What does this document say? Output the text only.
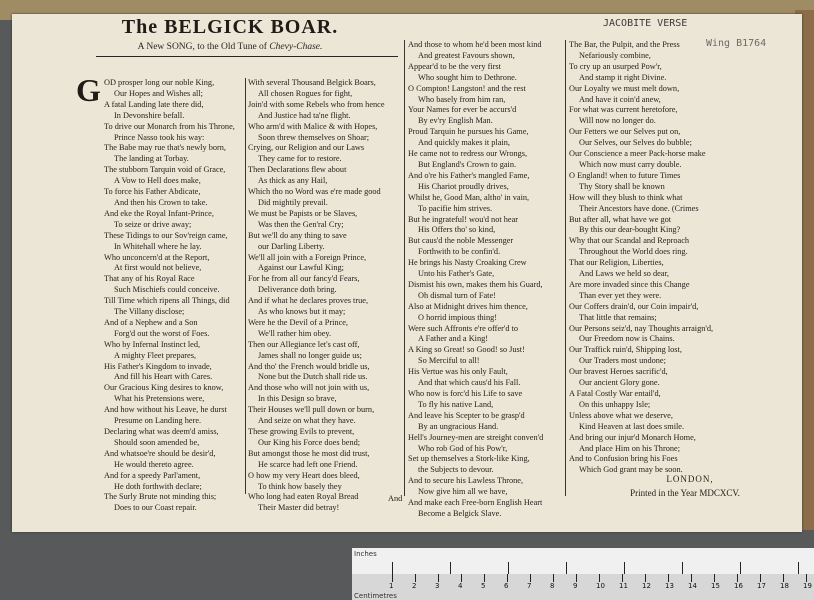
JACOBITE VERSE
Wing B1764
The BELGICK BOAR.
A New SONG, to the Old Tune of Chevy-Chase.
G OD prosper long our noble King,
Our Hopes and Wishes all;
A fatal Landing late there did,
In Devonshire befall.
To drive our Monarch from his Throne,
Prince Nasso took his way:
The Babe may rue that's newly born,
The landing at Torbay.
The stubborn Tarquin void of Grace,
A Vow to Hell does make,
To force his Father Abdicate,
And then his Crown to take.
And eke the Royal Infant-Prince,
To seize or drive away;
These Tidings to our Sov'reign came,
In Whitehall where he lay.
Who unconcern'd at the Report,
At first would not believe,
That any of his Royal Race
Such Mischiefs could conceive.
Till Time which ripens all Things, did
The Villany disclose;
And of a Nephew and a Son
Forg'd out the worst of Foes.
Who by Infernal Instinct led,
A mighty Fleet prepares,
His Father's Kingdom to invade,
And fill his Heart with Cares.
Our Gracious King desires to know,
What his Pretensions were,
And how without his Leave, he durst
Presume on Landing here.
Declaring what was deem'd amiss,
Should soon amended be,
And whatsoe're should be desir'd,
He would thereto agree.
And for a speedy Parl'ament,
He doth forthwith declare;
The Surly Brute not minding this;
Does to our Coast repair.
With several Thousand Belgick Boars,
All chosen Rogues for fight,
Join'd with some Rebels who from hence
And Justice had ta'ne flight.
Who arm'd with Malice & with Hopes,
Soon threw themselves on Shoar;
Crying, our Religion and our Laws
They came for to restore.
Then Declarations flew about
As thick as any Hail,
Which tho no Word was e're made good
Did mightily prevail.
We must be Papists or be Slaves,
Was then the Gen'ral Cry;
But we'll do any thing to save
our Darling Liberty.
We'll all join with a Foreign Prince,
Against our Lawful King;
For he from all our fancy'd Fears,
Deliverance doth bring.
And if what he declares proves true,
As who knows but it may;
Were he the Devil of a Prince,
We'll rather him obey.
Then our Allegiance let's cast off,
James shall no longer guide us;
And tho' the French would bridle us,
None but the Dutch shall ride us.
And those who will not join with us,
In this Design so brave,
Their Houses we'll pull down or burn,
And seize on what they have.
These growing Evils to prevent,
Our King his Force does bend;
But amongst those he most did trust,
He scarce had left one Friend.
O how my very Heart does bleed,
To think how basely they
Who long had eaten Royal Bread
Their Master did betray!
And those to whom he'd been most kind
And greatest Favours shown,
Appear'd to be the very first
Who sought him to Dethrone.
O Compton! Langston! and the rest
Who basely from him ran,
Your Names for ever be accurs'd
By ev'ry English Man.
Proud Tarquin he pursues his Game,
And quickly makes it plain,
He came not to redress our Wrongs,
But England's Crown to gain.
And o're his Father's mangled Fame,
His Chariot proudly drives,
Whilst he, Good Man, altho' in vain,
To pacifie him strives.
But he ingrateful! wou'd not hear
His Offers tho' so kind,
But caus'd the noble Messenger
Forthwith to be confin'd.
He brings his Nasty Croaking Crew
Unto his Father's Gate,
Dismist his own, makes them his Guard,
Oh dismal turn of Fate!
Also at Midnight drives him thence,
O horrid impious thing!
Were such Affronts e're offer'd to
A Father and a King!
A King so Great! so Good! so Just!
So Merciful to all!
His Vertue was his only Fault,
And that which caus'd his Fall.
Who now is forc'd his Life to save
To fly his native Land,
And leave his Scepter to be grasp'd
By an ungracious Hand.
Hell's Journey-men are streight conven'd
Who rob God of his Pow'r,
Set up themselves a Stork-like King,
the Subjects to devour.
And to secure his Lawless Throne,
Now give him all we have,
And make each Free-born English Heart
Become a Belgick Slave.
The Bar, the Pulpit, and the Press
Nefariously combine,
To cry up an usurped Pow'r,
And stamp it right Divine.
Our Loyalty we must melt down,
And have it coin'd anew,
For what was current heretofore,
Will now no longer do.
Our Fetters we our Selves put on,
Our Selves, our Selves do bubble;
Our Conscience a meer Pack-horse make
Which now must carry double.
O England! when to future Times
Thy Story shall be known
How will they blush to think what
Their Ancestors have done. (Crimes
But after all, what have we got
By this our dear-bought King?
Why that our Scandal and Reproach
Throughout the World does ring.
That our Religion, Liberties,
And Laws we held so dear,
Are more invaded since this Change
Than ever yet they were.
Our Coffers drain'd, our Coin impair'd,
That little that remains;
Our Persons seiz'd, nay Thoughts arraign'd,
Our Freedom now is Chains.
Our Traffick ruin'd, Shipping lost,
Our Traders most undone;
Our bravest Heroes sacrific'd,
Our ancient Glory gone.
A Fatal Costly War entail'd,
On this unhappy Isle;
Unless above what we deserve,
Kind Heaven at last does smile.
And bring our injur'd Monarch Home,
And place Him on his Throne;
And to Confusion bring his Foes
Which God grant may be soon.
And
LONDON,
Printed in the Year MDCXCV.
Inches
Centimetres
1	2	3	4	5	6	7	8	9	10 11 12 13 14 15 16 17 18 19
